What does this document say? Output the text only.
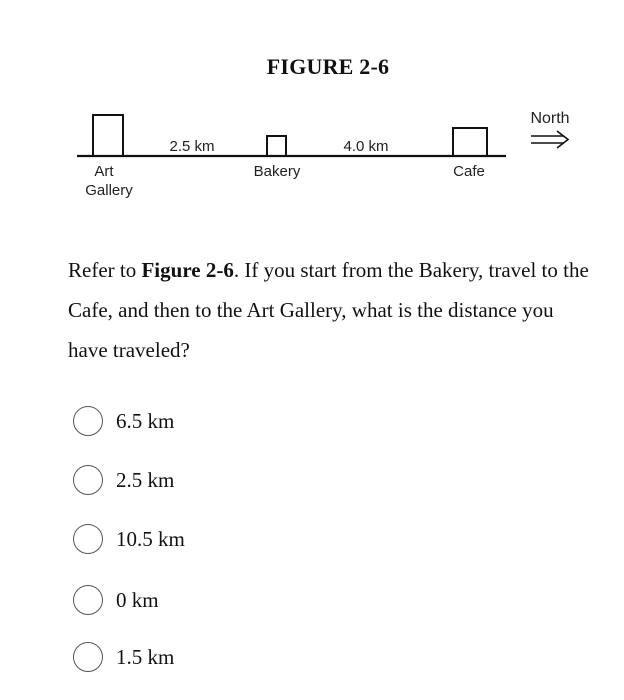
FIGURE 2-6
2.5 km	4.0 km
Art
Gallery
Bakery	Cafe
North
Refer to Figure 2-6. If you start from the Bakery, travel to the Cafe, and then to the Art Gallery, what is the distance you have traveled?
6.5 km
2.5 km
10.5 km
0 km
1.5 km
